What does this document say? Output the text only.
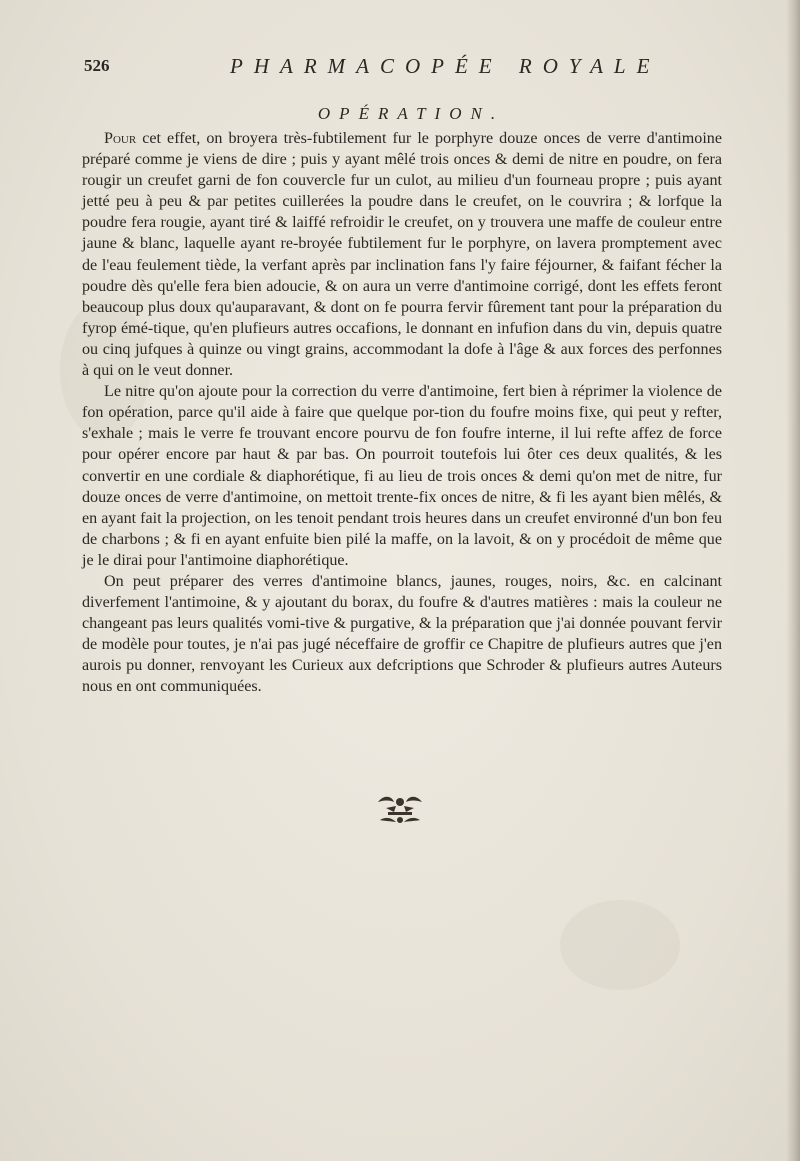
526	PHARMACOPÉE ROYALE
OPÉRATION.

Pour cet effet, on broyera très-fubtilement fur le porphyre douze onces de verre d'antimoine préparé comme je viens de dire ; puis y ayant mêlé trois onces & demi de nitre en poudre, on fera rougir un creufet garni de fon couvercle fur un culot, au milieu d'un fourneau propre ; puis ayant jetté peu à peu & par petites cuillerées la poudre dans le creufet, on le couvrira ; & lorfque la poudre fera rougie, ayant tiré & laiffé refroidir le creufet, on y trouvera une maffe de couleur entre jaune & blanc, laquelle ayant re-broyée fubtilement fur le porphyre, on lavera promptement avec de l'eau feulement tiède, la verfant après par inclination fans l'y faire féjourner, & faifant fécher la poudre dès qu'elle fera bien adoucie, & on aura un verre d'antimoine corrigé, dont les effets feront beaucoup plus doux qu'auparavant, & dont on fe pourra fervir fûrement tant pour la préparation du fyrop émé-tique, qu'en plufieurs autres occafions, le donnant en infufion dans du vin, depuis quatre ou cinq jufques à quinze ou vingt grains, accommodant la dofe à l'âge & aux forces des perfonnes à qui on le veut donner.

Le nitre qu'on ajoute pour la correction du verre d'antimoine, fert bien à réprimer la violence de fon opération, parce qu'il aide à faire que quelque por-tion du foufre moins fixe, qui peut y refter, s'exhale ; mais le verre fe trouvant encore pourvu de fon foufre interne, il lui refte affez de force pour opérer encore par haut & par bas. On pourroit toutefois lui ôter ces deux qualités, & les convertir en une cordiale & diaphorétique, fi au lieu de trois onces & demi qu'on met de nitre, fur douze onces de verre d'antimoine, on mettoit trente-fix onces de nitre, & fi les ayant bien mêlés, & en ayant fait la projection, on les tenoit pendant trois heures dans un creufet environné d'un bon feu de charbons ; & fi en ayant enfuite bien pilé la maffe, on la lavoit, & on y procédoit de même que je le dirai pour l'antimoine diaphorétique.

On peut préparer des verres d'antimoine blancs, jaunes, rouges, noirs, &c. en calcinant diverfement l'antimoine, & y ajoutant du borax, du foufre & d'autres matières : mais la couleur ne changeant pas leurs qualités vomi-tive & purgative, & la préparation que j'ai donnée pouvant fervir de modèle pour toutes, je n'ai pas jugé néceffaire de groffir ce Chapitre de plufieurs autres que j'en aurois pu donner, renvoyant les Curieux aux defcriptions que Schroder & plufieurs autres Auteurs nous en ont communiquées.
